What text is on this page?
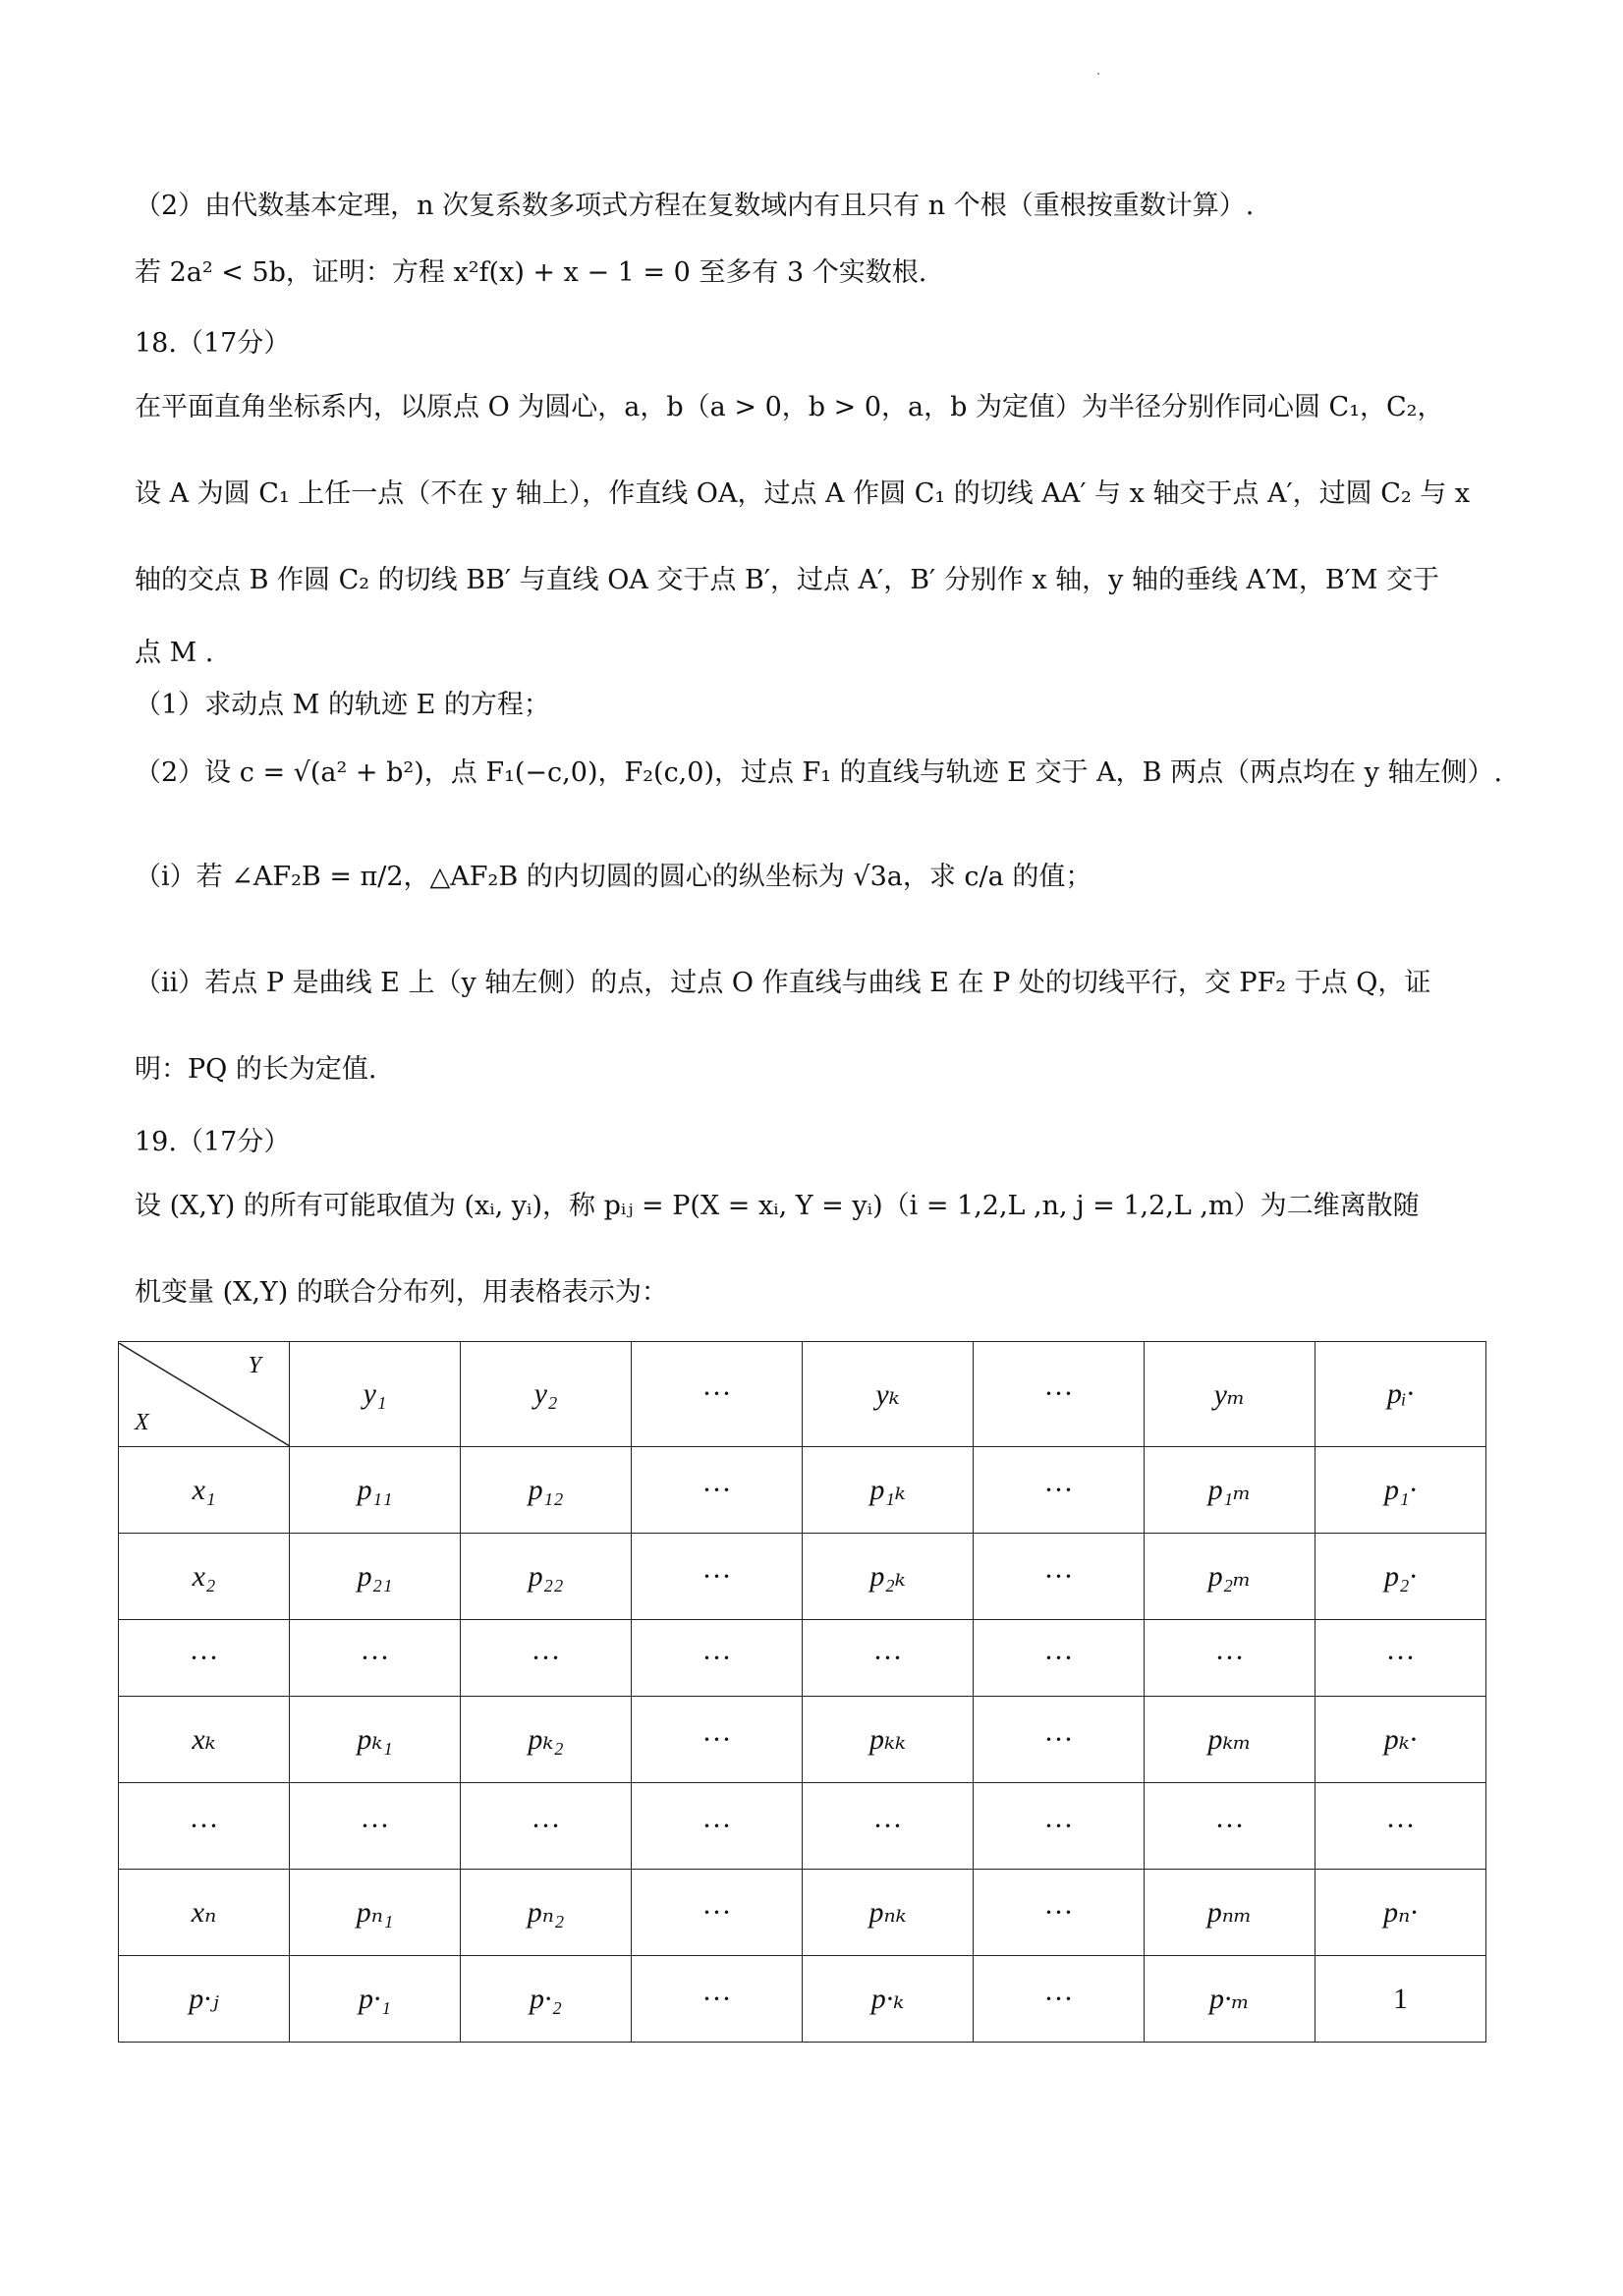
（2）由代数基本定理，n 次复系数多项式方程在复数域内有且只有 n 个根（重根按重数计算）.
若 2a² < 5b，证明：方程 x²f(x) + x − 1 = 0 至多有 3 个实数根.
18.（17分）
在平面直角坐标系内，以原点 O 为圆心，a，b（a > 0，b > 0，a，b 为定值）为半径分别作同心圆 C₁，C₂，
设 A 为圆 C₁ 上任一点（不在 y 轴上），作直线 OA，过点 A 作圆 C₁ 的切线 AA′ 与 x 轴交于点 A′，过圆 C₂ 与 x
轴的交点 B 作圆 C₂ 的切线 BB′ 与直线 OA 交于点 B′，过点 A′，B′ 分别作 x 轴，y 轴的垂线 A′M，B′M 交于
点 M .
（1）求动点 M 的轨迹 E 的方程；
（2）设 c = √(a² + b²)，点 F₁(−c,0)，F₂(c,0)，过点 F₁ 的直线与轨迹 E 交于 A，B 两点（两点均在 y 轴左侧）.
（i）若 ∠AF₂B = π/2，△AF₂B 的内切圆的圆心的纵坐标为 √3a，求 c/a 的值；
（ii）若点 P 是曲线 E 上（y 轴左侧）的点，过点 O 作直线与曲线 E 在 P 处的切线平行，交 PF₂ 于点 Q，证
明：PQ 的长为定值.
19.（17分）
设 (X,Y) 的所有可能取值为 (xᵢ, yᵢ)，称 pᵢⱼ = P(X = xᵢ, Y = yᵢ)（i = 1,2,L ,n, j = 1,2,L ,m）为二维离散随
机变量 (X,Y) 的联合分布列，用表格表示为：
Y
X	y₁	y₂	···	yₖ	···	yₘ	pᵢ·
x₁	p₁₁	p₁₂	···	p₁ₖ	···	p₁ₘ	p₁·
x₂	p₂₁	p₂₂	···	p₂ₖ	···	p₂ₘ	p₂·
···	···	···	···	···	···	···	···
xₖ	pₖ₁	pₖ₂	···	pₖₖ	···	pₖₘ	pₖ·
···	···	···	···	···	···	···	···
xₙ	pₙ₁	pₙ₂	···	pₙₖ	···	pₙₘ	pₙ·
p·ⱼ	p·₁	p·₂	···	p·ₖ	···	p·ₘ	1
